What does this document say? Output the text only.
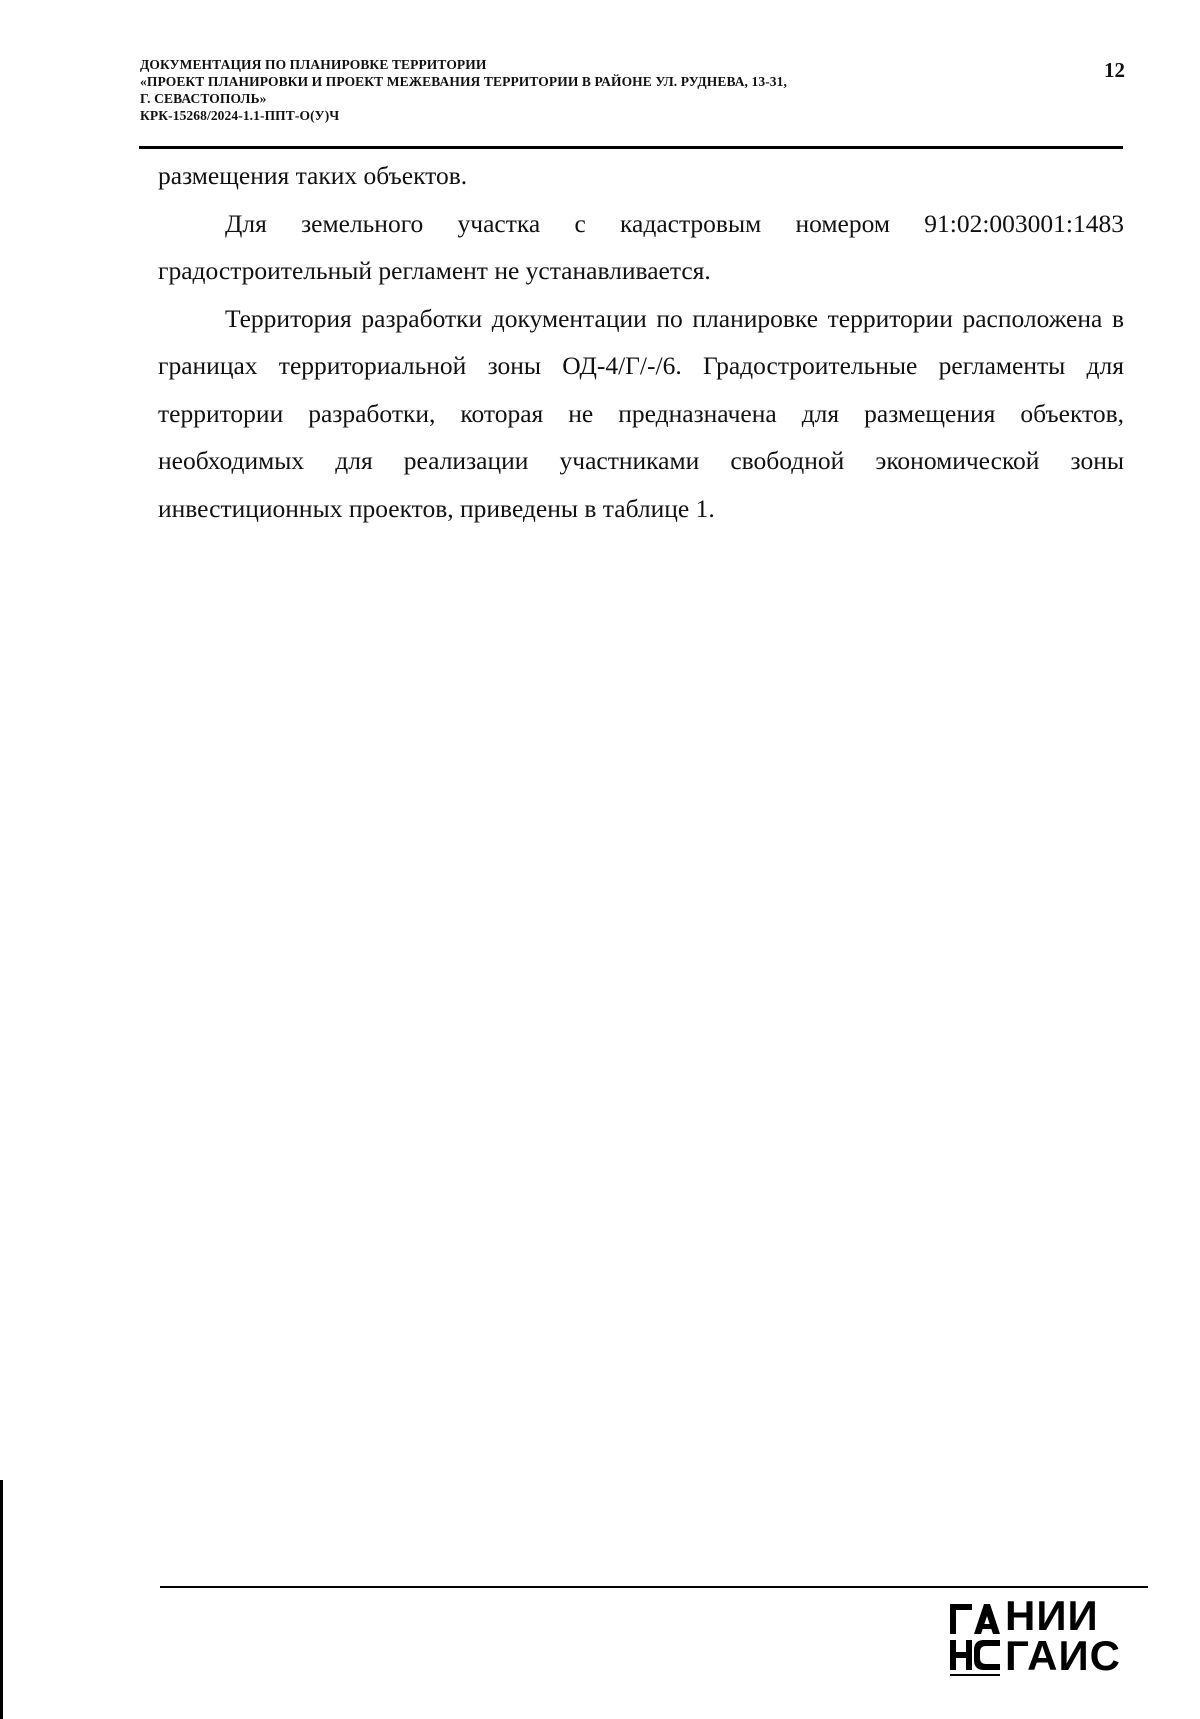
ДОКУМЕНТАЦИЯ ПО ПЛАНИРОВКЕ ТЕРРИТОРИИ
«ПРОЕКТ ПЛАНИРОВКИ И ПРОЕКТ МЕЖЕВАНИЯ ТЕРРИТОРИИ В РАЙОНЕ УЛ. РУДНЕВА, 13-31,
Г. СЕВАСТОПОЛЬ»
КРК-15268/2024-1.1-ППТ-О(У)Ч
12

размещения таких объектов.

Для земельного участка с кадастровым номером 91:02:003001:1483 градостроительный регламент не устанавливается.

Территория разработки документации по планировке территории расположена в границах территориальной зоны ОД-4/Г/-/6. Градостроительные регламенты для территории разработки, которая не предназначена для размещения объектов, необходимых для реализации участниками свободной экономической зоны инвестиционных проектов, приведены в таблице 1.

НИИ
ГАИС
